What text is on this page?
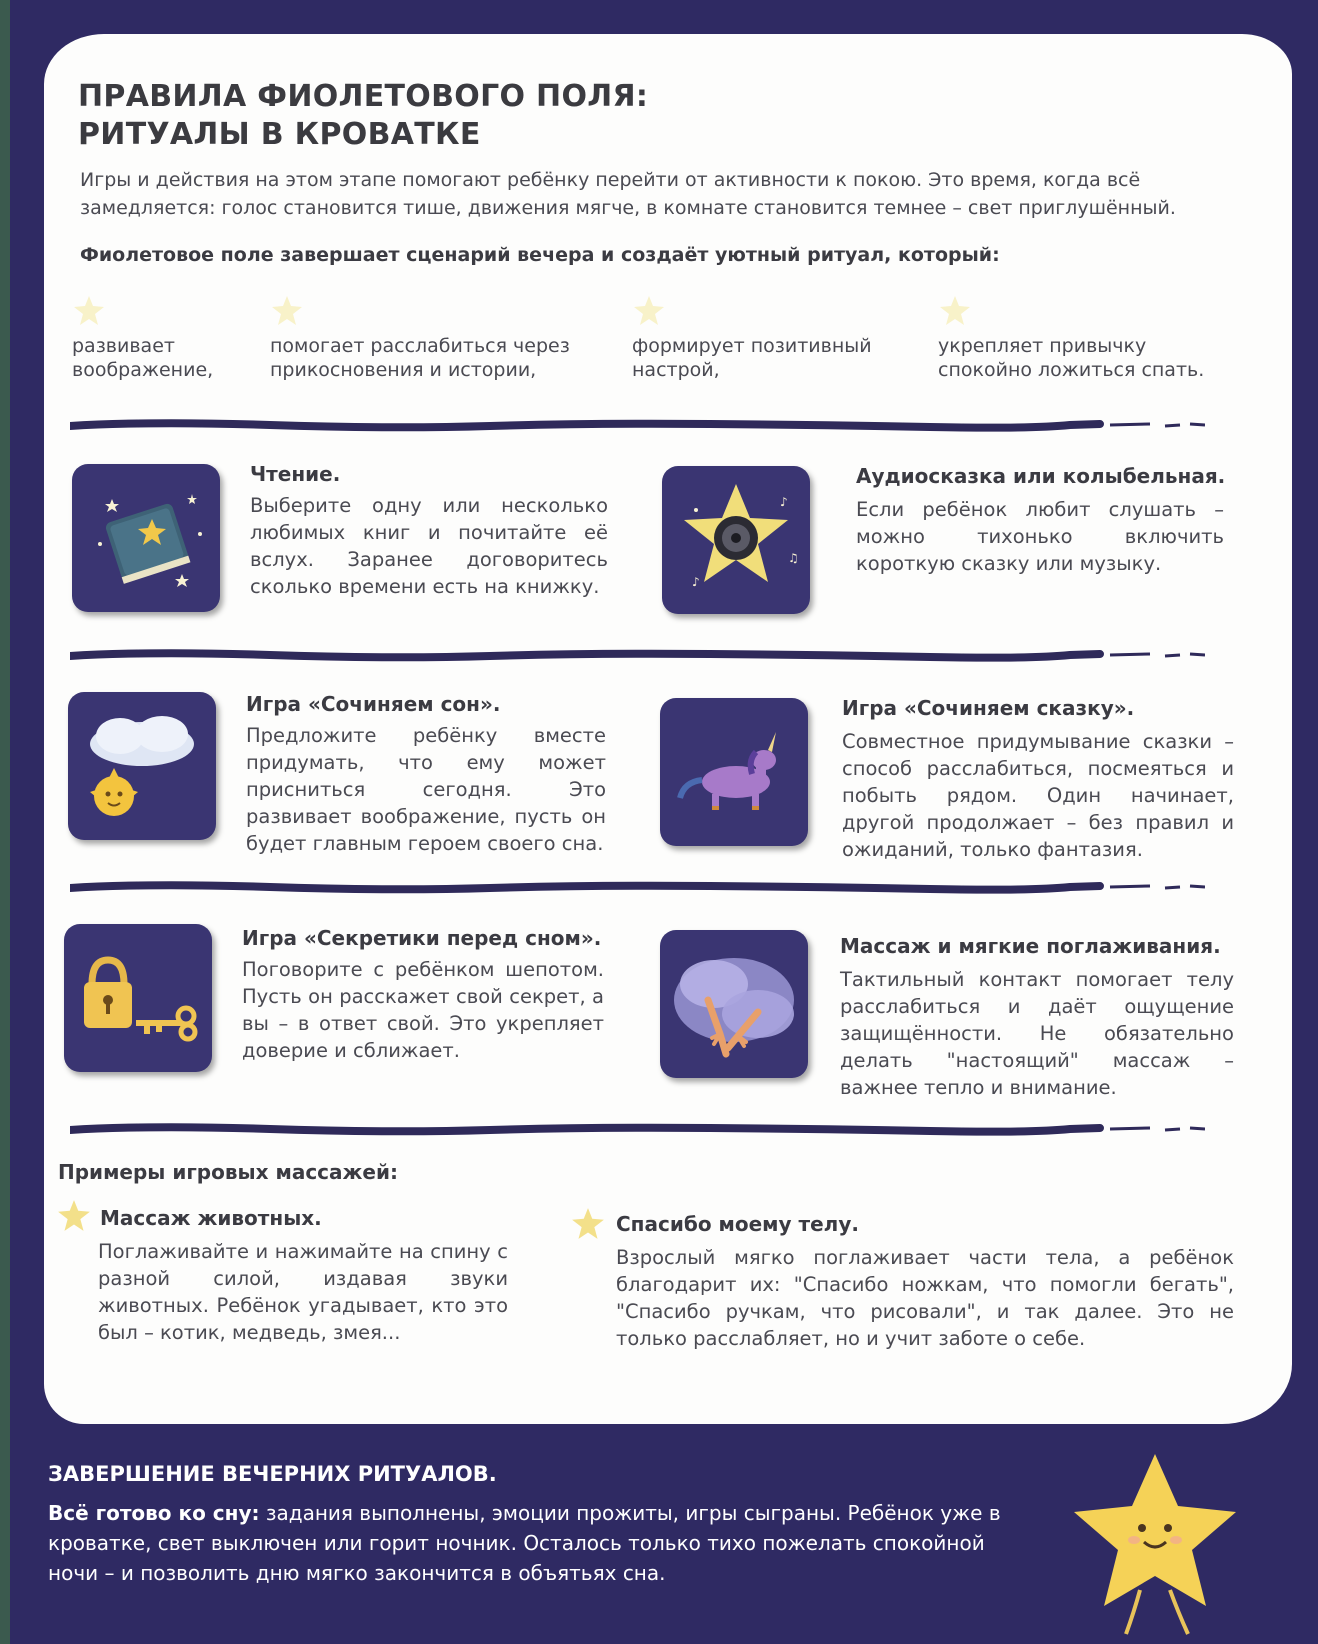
ПРАВИЛА ФИОЛЕТОВОГО ПОЛЯ:
РИТУАЛЫ В КРОВАТКЕ

Игры и действия на этом этапе помогают ребёнку перейти от активности к покою. Это время, когда всё замедляется: голос становится тише, движения мягче, в комнате становится темнее – свет приглушённый.

Фиолетовое поле завершает сценарий вечера и создаёт уютный ритуал, который:

развивает воображение,
помогает расслабиться через прикосновения и истории,
формирует позитивный настрой,
укрепляет привычку спокойно ложиться спать.

Чтение.

Выберите одну или несколько любимых книг и почитайте её вслух. Заранее договоритесь сколько времени есть на книжку.

♪
♫
♪

Аудиосказка или колыбельная.

Если ребёнок любит слушать – можно тихонько включить короткую сказку или музыку.

Игра «Сочиняем сон».

Предложите ребёнку вместе придумать, что ему может присниться сегодня. Это развивает воображение, пусть он будет главным героем своего сна.

Игра «Сочиняем сказку».

Совместное придумывание сказки – способ расслабиться, посмеяться и побыть рядом. Один начинает, другой продолжает – без правил и ожиданий, только фантазия.

Игра «Секретики перед сном».

Поговорите с ребёнком шепотом. Пусть он расскажет свой секрет, а вы – в ответ свой. Это укрепляет доверие и сближает.

Массаж и мягкие поглаживания.

Тактильный контакт помогает телу расслабиться и даёт ощущение защищённости. Не обязательно делать "настоящий" массаж – важнее тепло и внимание.

Примеры игровых массажей:

Массаж животных.

Поглаживайте и нажимайте на спину с разной силой, издавая звуки животных. Ребёнок угадывает, кто это был – котик, медведь, змея...

Спасибо моему телу.

Взрослый мягко поглаживает части тела, а ребёнок благодарит их: "Спасибо ножкам, что помогли бегать", "Спасибо ручкам, что рисовали", и так далее. Это не только расслабляет, но и учит заботе о себе.

ЗАВЕРШЕНИЕ ВЕЧЕРНИХ РИТУАЛОВ.

Всё готово ко сну: задания выполнены, эмоции прожиты, игры сыграны. Ребёнок уже в кроватке, свет выключен или горит ночник. Осталось только тихо пожелать спокойной ночи – и позволить дню мягко закончится в объятьях сна.
